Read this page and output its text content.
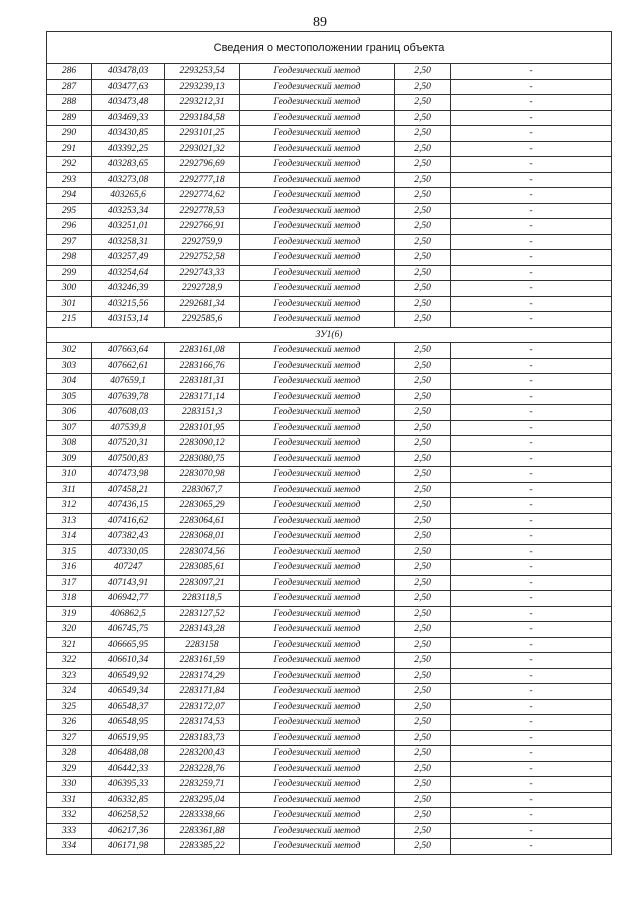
89
Сведения о местоположении границ объекта					
286	403478,03	2293253,54	Геодезический метод	2,50	-
287	403477,63	2293239,13	Геодезический метод	2,50	-
288	403473,48	2293212,31	Геодезический метод	2,50	-
289	403469,33	2293184,58	Геодезический метод	2,50	-
290	403430,85	2293101,25	Геодезический метод	2,50	-
291	403392,25	2293021,32	Геодезический метод	2,50	-
292	403283,65	2292796,69	Геодезический метод	2,50	-
293	403273,08	2292777,18	Геодезический метод	2,50	-
294	403265,6	2292774,62	Геодезический метод	2,50	-
295	403253,34	2292778,53	Геодезический метод	2,50	-
296	403251,01	2292766,91	Геодезический метод	2,50	-
297	403258,31	2292759,9	Геодезический метод	2,50	-
298	403257,49	2292752,58	Геодезический метод	2,50	-
299	403254,64	2292743,33	Геодезический метод	2,50	-
300	403246,39	2292728,9	Геодезический метод	2,50	-
301	403215,56	2292681,34	Геодезический метод	2,50	-
215	403153,14	2292585,6	Геодезический метод	2,50	-
ЗУ1(6)					
302	407663,64	2283161,08	Геодезический метод	2,50	-
303	407662,61	2283166,76	Геодезический метод	2,50	-
304	407659,1	2283181,31	Геодезический метод	2,50	-
305	407639,78	2283171,14	Геодезический метод	2,50	-
306	407608,03	2283151,3	Геодезический метод	2,50	-
307	407539,8	2283101,95	Геодезический метод	2,50	-
308	407520,31	2283090,12	Геодезический метод	2,50	-
309	407500,83	2283080,75	Геодезический метод	2,50	-
310	407473,98	2283070,98	Геодезический метод	2,50	-
311	407458,21	2283067,7	Геодезический метод	2,50	-
312	407436,15	2283065,29	Геодезический метод	2,50	-
313	407416,62	2283064,61	Геодезический метод	2,50	-
314	407382,43	2283068,01	Геодезический метод	2,50	-
315	407330,05	2283074,56	Геодезический метод	2,50	-
316	407247	2283085,61	Геодезический метод	2,50	-
317	407143,91	2283097,21	Геодезический метод	2,50	-
318	406942,77	2283118,5	Геодезический метод	2,50	-
319	406862,5	2283127,52	Геодезический метод	2,50	-
320	406745,75	2283143,28	Геодезический метод	2,50	-
321	406665,95	2283158	Геодезический метод	2,50	-
322	406610,34	2283161,59	Геодезический метод	2,50	-
323	406549,92	2283174,29	Геодезический метод	2,50	-
324	406549,34	2283171,84	Геодезический метод	2,50	-
325	406548,37	2283172,07	Геодезический метод	2,50	-
326	406548,95	2283174,53	Геодезический метод	2,50	-
327	406519,95	2283183,73	Геодезический метод	2,50	-
328	406488,08	2283200,43	Геодезический метод	2,50	-
329	406442,33	2283228,76	Геодезический метод	2,50	-
330	406395,33	2283259,71	Геодезический метод	2,50	-
331	406332,85	2283295,04	Геодезический метод	2,50	-
332	406258,52	2283338,66	Геодезический метод	2,50	-
333	406217,36	2283361,88	Геодезический метод	2,50	-
334	406171,98	2283385,22	Геодезический метод	2,50	-
